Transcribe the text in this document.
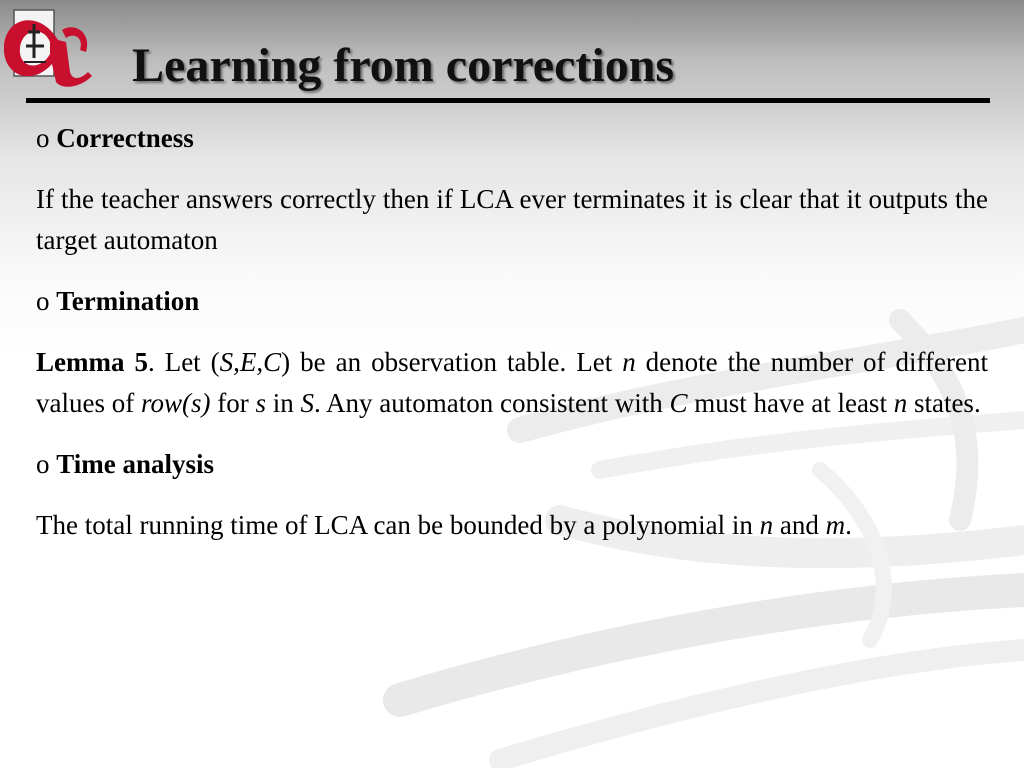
Learning from corrections

o Correctness

If the teacher answers correctly then if LCA ever terminates it is clear that it outputs the target automaton

o Termination

Lemma 5. Let (S,E,C) be an observation table. Let n denote the number of different values of row(s) for s in S. Any automaton consistent with C must have at least n states.

o Time analysis

The total running time of LCA can be bounded by a polynomial in n and m.
